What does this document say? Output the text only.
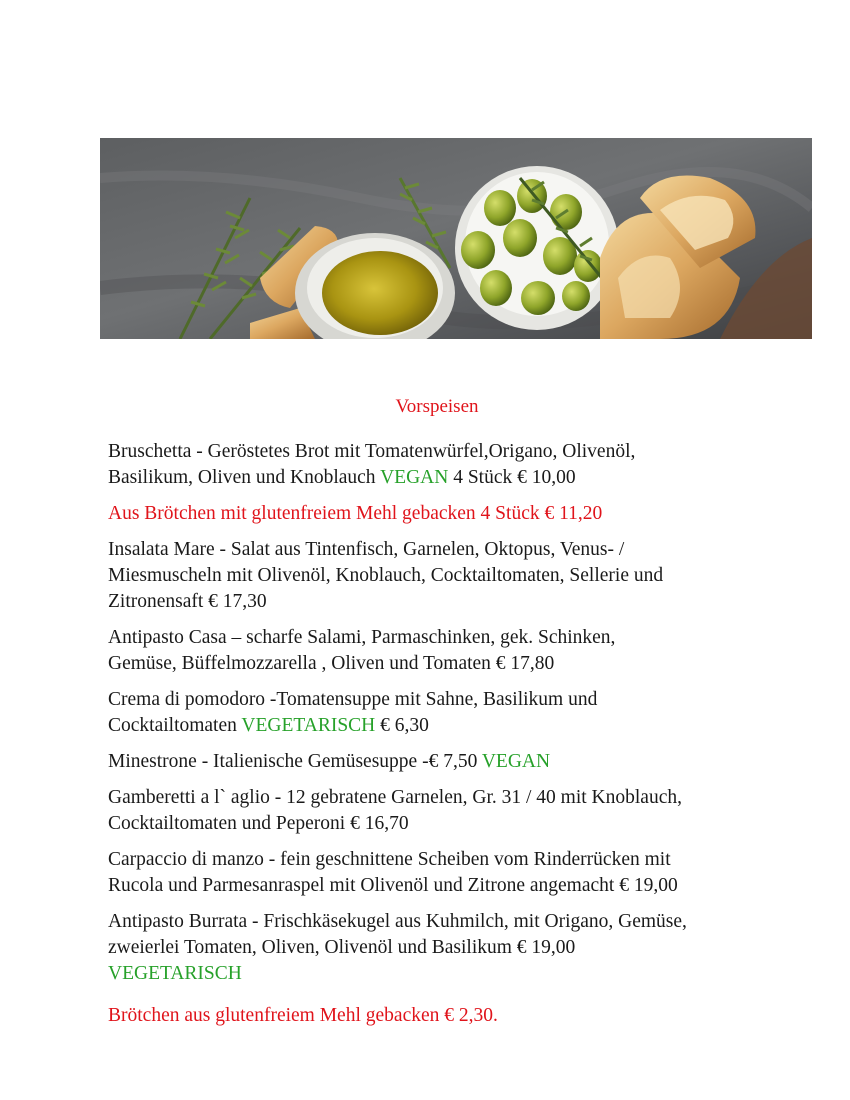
Vorspeisen
Bruschetta - Geröstetes Brot mit Tomatenwürfel,Origano, Olivenöl,
Basilikum, Oliven und Knoblauch VEGAN 4 Stück € 10,00
Aus Brötchen mit glutenfreiem Mehl gebacken 4 Stück € 11,20
Insalata Mare - Salat aus Tintenfisch, Garnelen, Oktopus, Venus- /
Miesmuscheln mit Olivenöl, Knoblauch, Cocktailtomaten, Sellerie und
Zitronensaft € 17,30
Antipasto Casa – scharfe Salami, Parmaschinken, gek. Schinken,
Gemüse, Büffelmozzarella , Oliven und Tomaten € 17,80
Crema di pomodoro -Tomatensuppe mit Sahne, Basilikum und
Cocktailtomaten VEGETARISCH € 6,30
Minestrone - Italienische Gemüsesuppe -€ 7,50 VEGAN
Gamberetti a l` aglio - 12 gebratene Garnelen, Gr. 31 / 40 mit Knoblauch,
Cocktailtomaten und Peperoni € 16,70
Carpaccio di manzo - fein geschnittene Scheiben vom Rinderrücken mit
Rucola und Parmesanraspel mit Olivenöl und Zitrone angemacht € 19,00
Antipasto Burrata - Frischkäsekugel aus Kuhmilch, mit Origano, Gemüse,
zweierlei Tomaten, Oliven, Olivenöl und Basilikum € 19,00
VEGETARISCH
Brötchen aus glutenfreiem Mehl gebacken € 2,30.
